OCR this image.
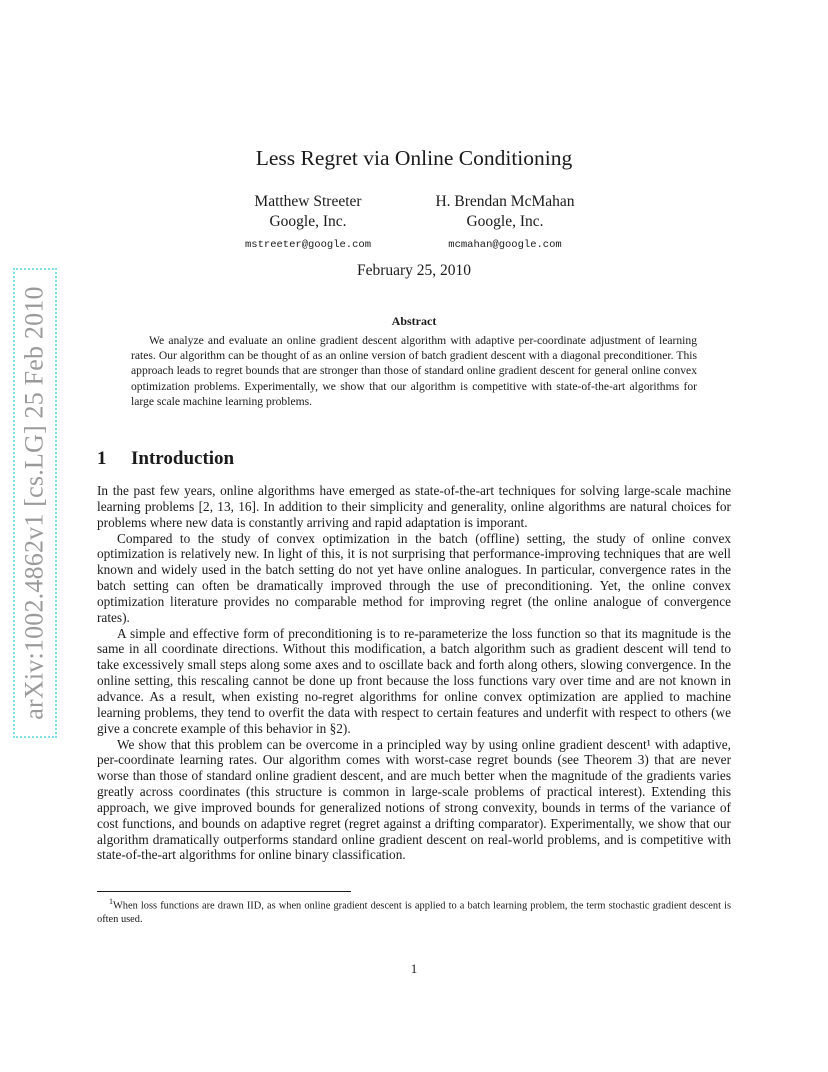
arXiv:1002.4862v1 [cs.LG] 25 Feb 2010
Less Regret via Online Conditioning
Matthew Streeter
Google, Inc.
mstreeter@google.com
H. Brendan McMahan
Google, Inc.
mcmahan@google.com
February 25, 2010
Abstract

We analyze and evaluate an online gradient descent algorithm with adaptive per-coordinate adjustment of learning rates. Our algorithm can be thought of as an online version of batch gradient descent with a diagonal preconditioner. This approach leads to regret bounds that are stronger than those of standard online gradient descent for general online convex optimization problems. Experimentally, we show that our algorithm is competitive with state-of-the-art algorithms for large scale machine learning problems.

1 Introduction

In the past few years, online algorithms have emerged as state-of-the-art techniques for solving large-scale machine learning problems [2, 13, 16]. In addition to their simplicity and generality, online algorithms are natural choices for problems where new data is constantly arriving and rapid adaptation is imporant.

Compared to the study of convex optimization in the batch (offline) setting, the study of online convex optimization is relatively new. In light of this, it is not surprising that performance-improving techniques that are well known and widely used in the batch setting do not yet have online analogues. In particular, convergence rates in the batch setting can often be dramatically improved through the use of preconditioning. Yet, the online convex optimization literature provides no comparable method for improving regret (the online analogue of convergence rates).

A simple and effective form of preconditioning is to re-parameterize the loss function so that its magnitude is the same in all coordinate directions. Without this modification, a batch algorithm such as gradient descent will tend to take excessively small steps along some axes and to oscillate back and forth along others, slowing convergence. In the online setting, this rescaling cannot be done up front because the loss functions vary over time and are not known in advance. As a result, when existing no-regret algorithms for online convex optimization are applied to machine learning problems, they tend to overfit the data with respect to certain features and underfit with respect to others (we give a concrete example of this behavior in §2).

We show that this problem can be overcome in a principled way by using online gradient descent¹ with adaptive, per-coordinate learning rates. Our algorithm comes with worst-case regret bounds (see Theorem 3) that are never worse than those of standard online gradient descent, and are much better when the magnitude of the gradients varies greatly across coordinates (this structure is common in large-scale problems of practical interest). Extending this approach, we give improved bounds for generalized notions of strong convexity, bounds in terms of the variance of cost functions, and bounds on adaptive regret (regret against a drifting comparator). Experimentally, we show that our algorithm dramatically outperforms standard online gradient descent on real-world problems, and is competitive with state-of-the-art algorithms for online binary classification.

$^1$When loss functions are drawn IID, as when online gradient descent is applied to a batch learning problem, the term stochastic gradient descent is often used.
1
